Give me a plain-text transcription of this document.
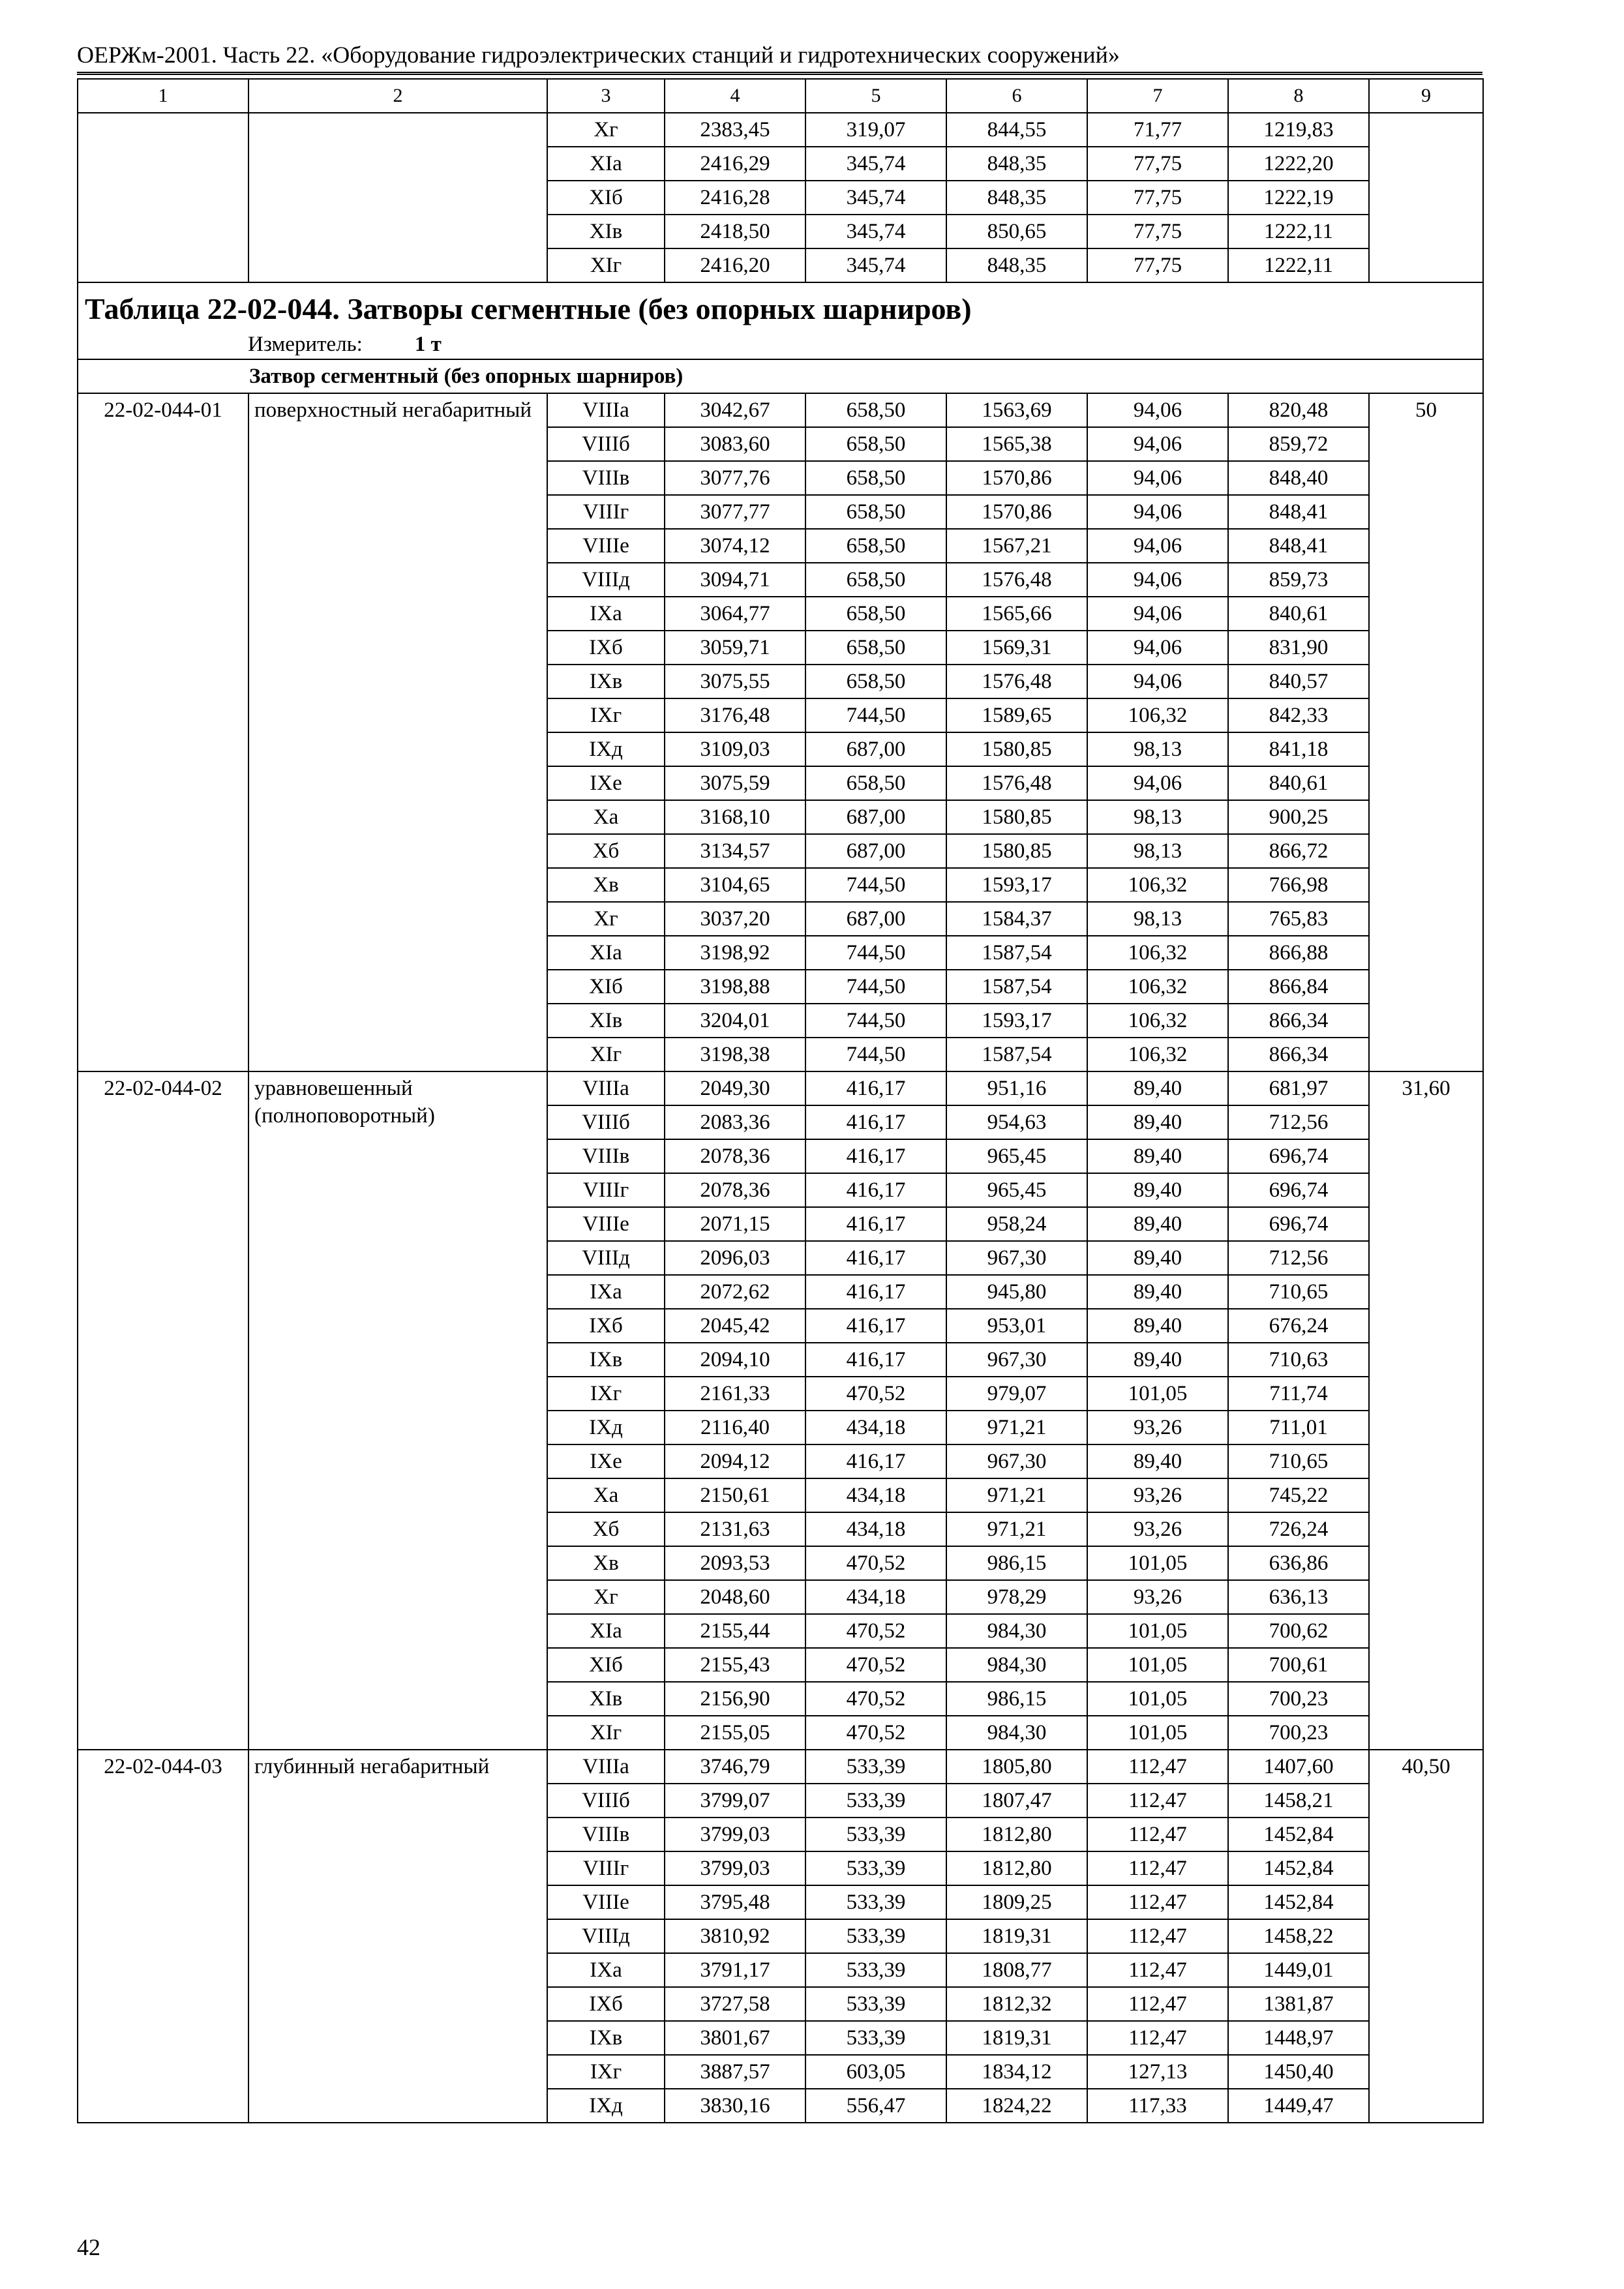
ОЕРЖм-2001. Часть 22. «Оборудование гидроэлектрических станций и гидротехнических сооружений»
1	2	3	4	5	6	7	8	9
		Хг	2383,45	319,07	844,55	71,77	1219,83	
		ХІа	2416,29	345,74	848,35	77,75	1222,20	
		ХІб	2416,28	345,74	848,35	77,75	1222,19	
		ХІв	2418,50	345,74	850,65	77,75	1222,11	
		ХІг	2416,20	345,74	848,35	77,75	1222,11	

Таблица 22-02-044. Затворы сегментные (без опорных шарниров)
Измеритель: 1 т								

Затвор сегментный (без опорных шарниров)								
22-02-044-01	поверхностный негабаритный	VIIIа	3042,67	658,50	1563,69	94,06	820,48	50
		VIIIб	3083,60	658,50	1565,38	94,06	859,72	
		VIIIв	3077,76	658,50	1570,86	94,06	848,40	
		VIIIг	3077,77	658,50	1570,86	94,06	848,41	
		VIIIе	3074,12	658,50	1567,21	94,06	848,41	
		VIIIд	3094,71	658,50	1576,48	94,06	859,73	
		IХа	3064,77	658,50	1565,66	94,06	840,61	
		IХб	3059,71	658,50	1569,31	94,06	831,90	
		IХв	3075,55	658,50	1576,48	94,06	840,57	
		IХг	3176,48	744,50	1589,65	106,32	842,33	
		IХд	3109,03	687,00	1580,85	98,13	841,18	
		IХе	3075,59	658,50	1576,48	94,06	840,61	
		Ха	3168,10	687,00	1580,85	98,13	900,25	
		Хб	3134,57	687,00	1580,85	98,13	866,72	
		Хв	3104,65	744,50	1593,17	106,32	766,98	
		Хг	3037,20	687,00	1584,37	98,13	765,83	
		ХІа	3198,92	744,50	1587,54	106,32	866,88	
		ХІб	3198,88	744,50	1587,54	106,32	866,84	
		ХІв	3204,01	744,50	1593,17	106,32	866,34	
		ХІг	3198,38	744,50	1587,54	106,32	866,34	
22-02-044-02	уравновешенный (полноповоротный)	VIIIа	2049,30	416,17	951,16	89,40	681,97	31,60
		VIIIб	2083,36	416,17	954,63	89,40	712,56	
		VIIIв	2078,36	416,17	965,45	89,40	696,74	
		VIIIг	2078,36	416,17	965,45	89,40	696,74	
		VIIIе	2071,15	416,17	958,24	89,40	696,74	
		VIIIд	2096,03	416,17	967,30	89,40	712,56	
		IХа	2072,62	416,17	945,80	89,40	710,65	
		IХб	2045,42	416,17	953,01	89,40	676,24	
		IХв	2094,10	416,17	967,30	89,40	710,63	
		IХг	2161,33	470,52	979,07	101,05	711,74	
		IХд	2116,40	434,18	971,21	93,26	711,01	
		IХе	2094,12	416,17	967,30	89,40	710,65	
		Ха	2150,61	434,18	971,21	93,26	745,22	
		Хб	2131,63	434,18	971,21	93,26	726,24	
		Хв	2093,53	470,52	986,15	101,05	636,86	
		Хг	2048,60	434,18	978,29	93,26	636,13	
		ХІа	2155,44	470,52	984,30	101,05	700,62	
		ХІб	2155,43	470,52	984,30	101,05	700,61	
		ХІв	2156,90	470,52	986,15	101,05	700,23	
		ХІг	2155,05	470,52	984,30	101,05	700,23	
22-02-044-03	глубинный негабаритный	VIIIа	3746,79	533,39	1805,80	112,47	1407,60	40,50
		VIIIб	3799,07	533,39	1807,47	112,47	1458,21	
		VIIIв	3799,03	533,39	1812,80	112,47	1452,84	
		VIIIг	3799,03	533,39	1812,80	112,47	1452,84	
		VIIIе	3795,48	533,39	1809,25	112,47	1452,84	
		VIIIд	3810,92	533,39	1819,31	112,47	1458,22	
		IХа	3791,17	533,39	1808,77	112,47	1449,01	
		IХб	3727,58	533,39	1812,32	112,47	1381,87	
		IХв	3801,67	533,39	1819,31	112,47	1448,97	
		IХг	3887,57	603,05	1834,12	127,13	1450,40	
		IХд	3830,16	556,47	1824,22	117,33	1449,47	
42
